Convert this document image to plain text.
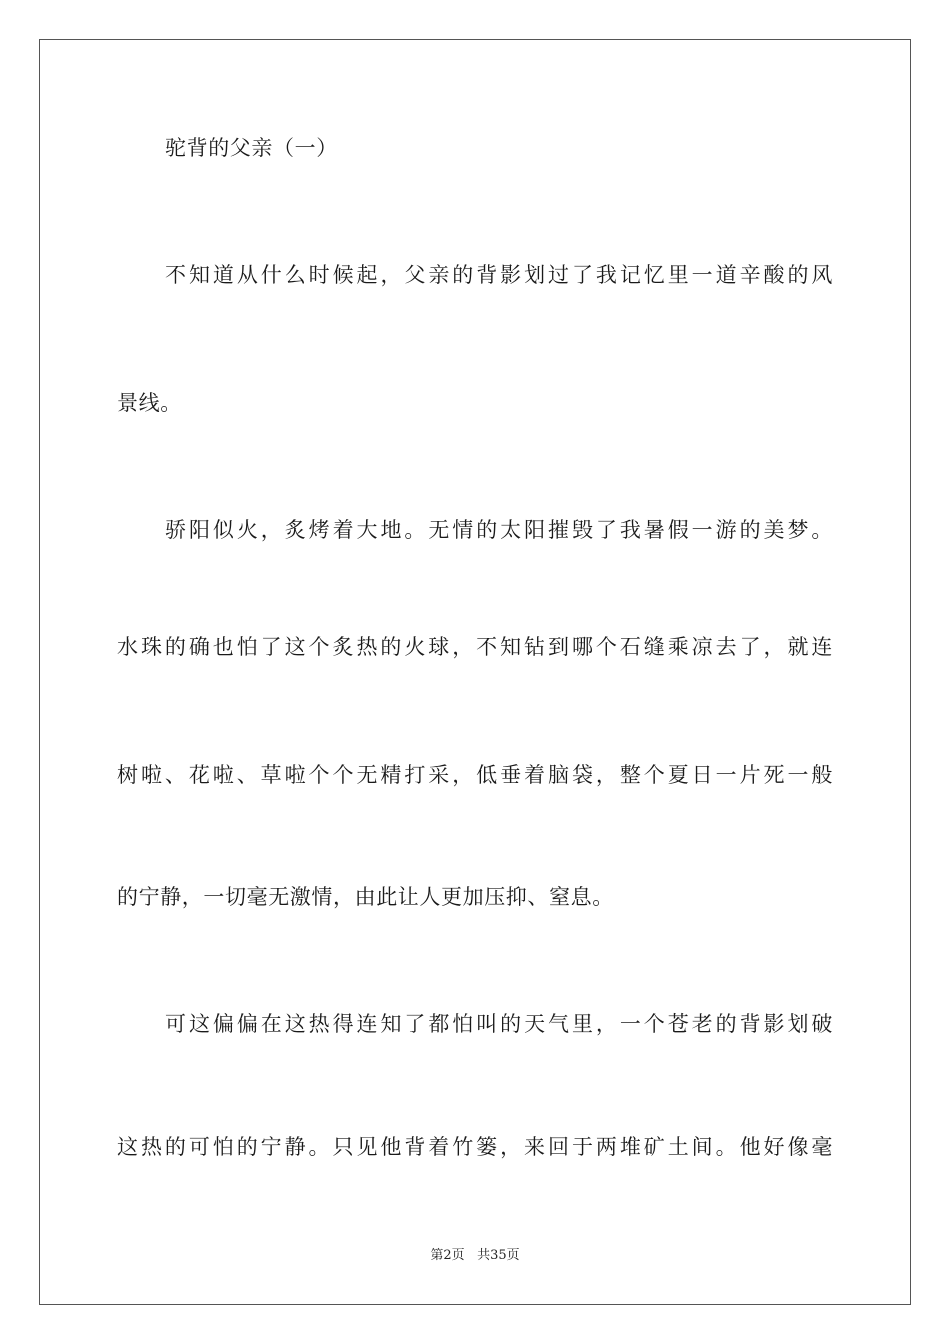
驼背的父亲（一）
不知道从什么时候起，父亲的背影划过了我记忆里一道辛酸的风
景线。
骄阳似火，炙烤着大地。无情的太阳摧毁了我暑假一游的美梦。
水珠的确也怕了这个炙热的火球，不知钻到哪个石缝乘凉去了，就连
树啦、花啦、草啦个个无精打采，低垂着脑袋，整个夏日一片死一般
的宁静，一切毫无激情，由此让人更加压抑、窒息。
可这偏偏在这热得连知了都怕叫的天气里，一个苍老的背影划破
这热的可怕的宁静。只见他背着竹篓，来回于两堆矿土间。他好像毫
第2页 共35页
